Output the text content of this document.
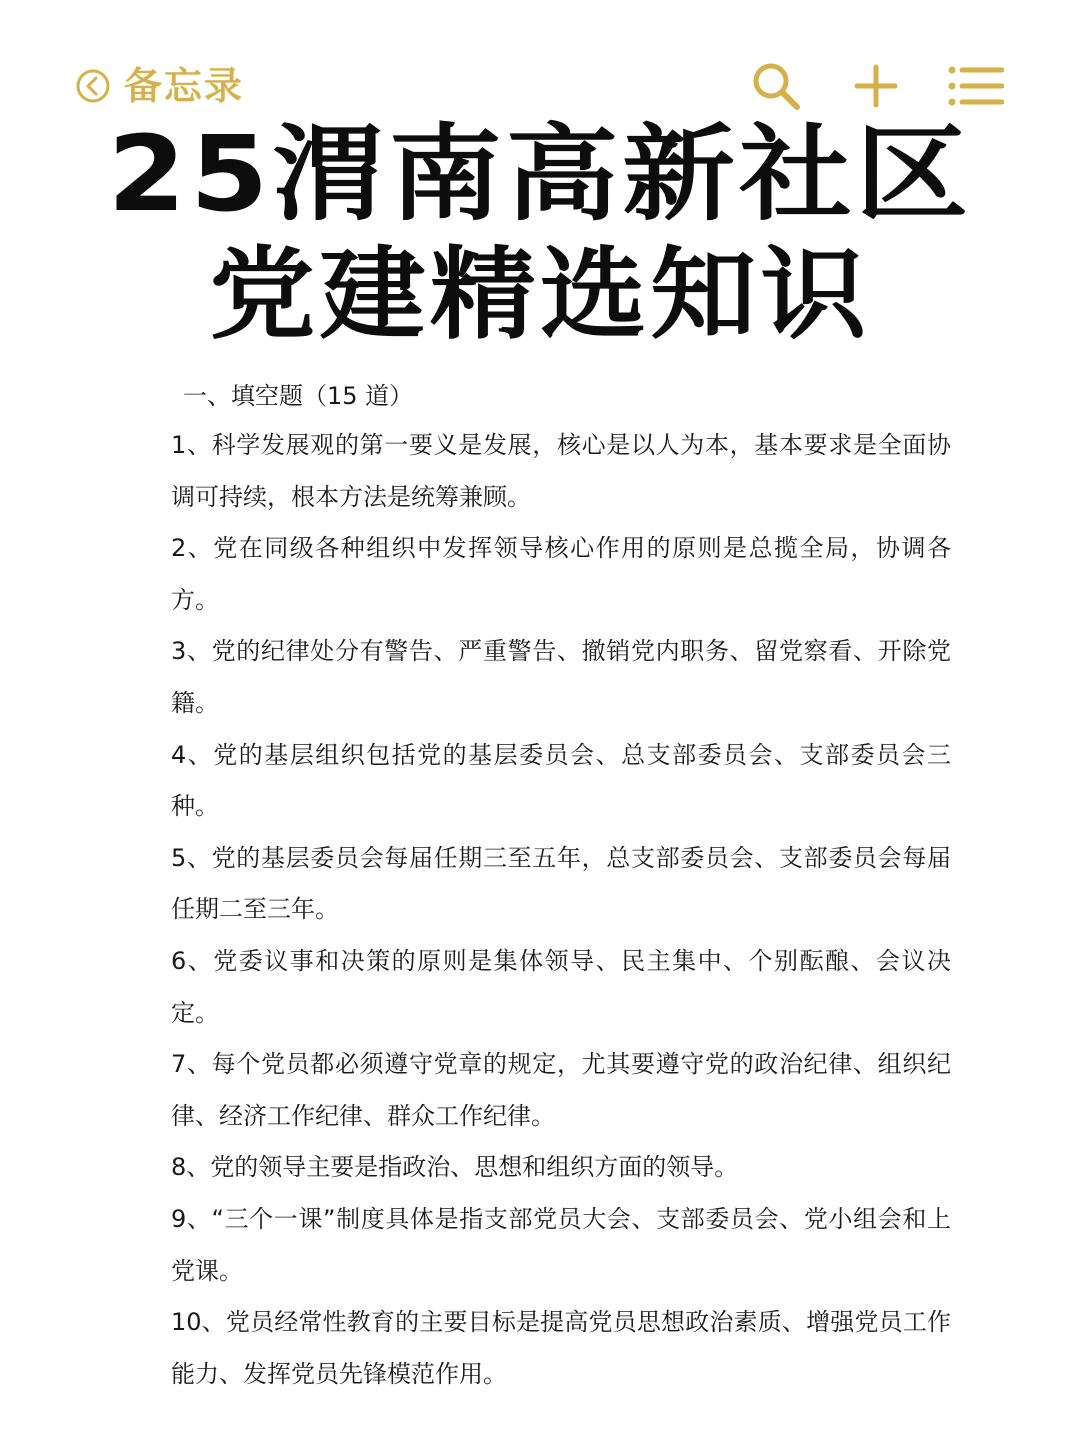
备忘录
25渭南高新社区
党建精选知识
一、填空题（15 道）
1、科学发展观的第一要义是发展，核心是以人为本，基本要求是全面协调可持续，根本方法是统筹兼顾。
2、党在同级各种组织中发挥领导核心作用的原则是总揽全局，协调各方。
3、党的纪律处分有警告、严重警告、撤销党内职务、留党察看、开除党籍。
4、党的基层组织包括党的基层委员会、总支部委员会、支部委员会三种。
5、党的基层委员会每届任期三至五年，总支部委员会、支部委员会每届任期二至三年。
6、党委议事和决策的原则是集体领导、民主集中、个别酝酿、会议决定。
7、每个党员都必须遵守党章的规定，尤其要遵守党的政治纪律、组织纪律、经济工作纪律、群众工作纪律。
8、党的领导主要是指政治、思想和组织方面的领导。
9、“三个一课”制度具体是指支部党员大会、支部委员会、党小组会和上党课。
10、党员经常性教育的主要目标是提高党员思想政治素质、增强党员工作能力、发挥党员先锋模范作用。
